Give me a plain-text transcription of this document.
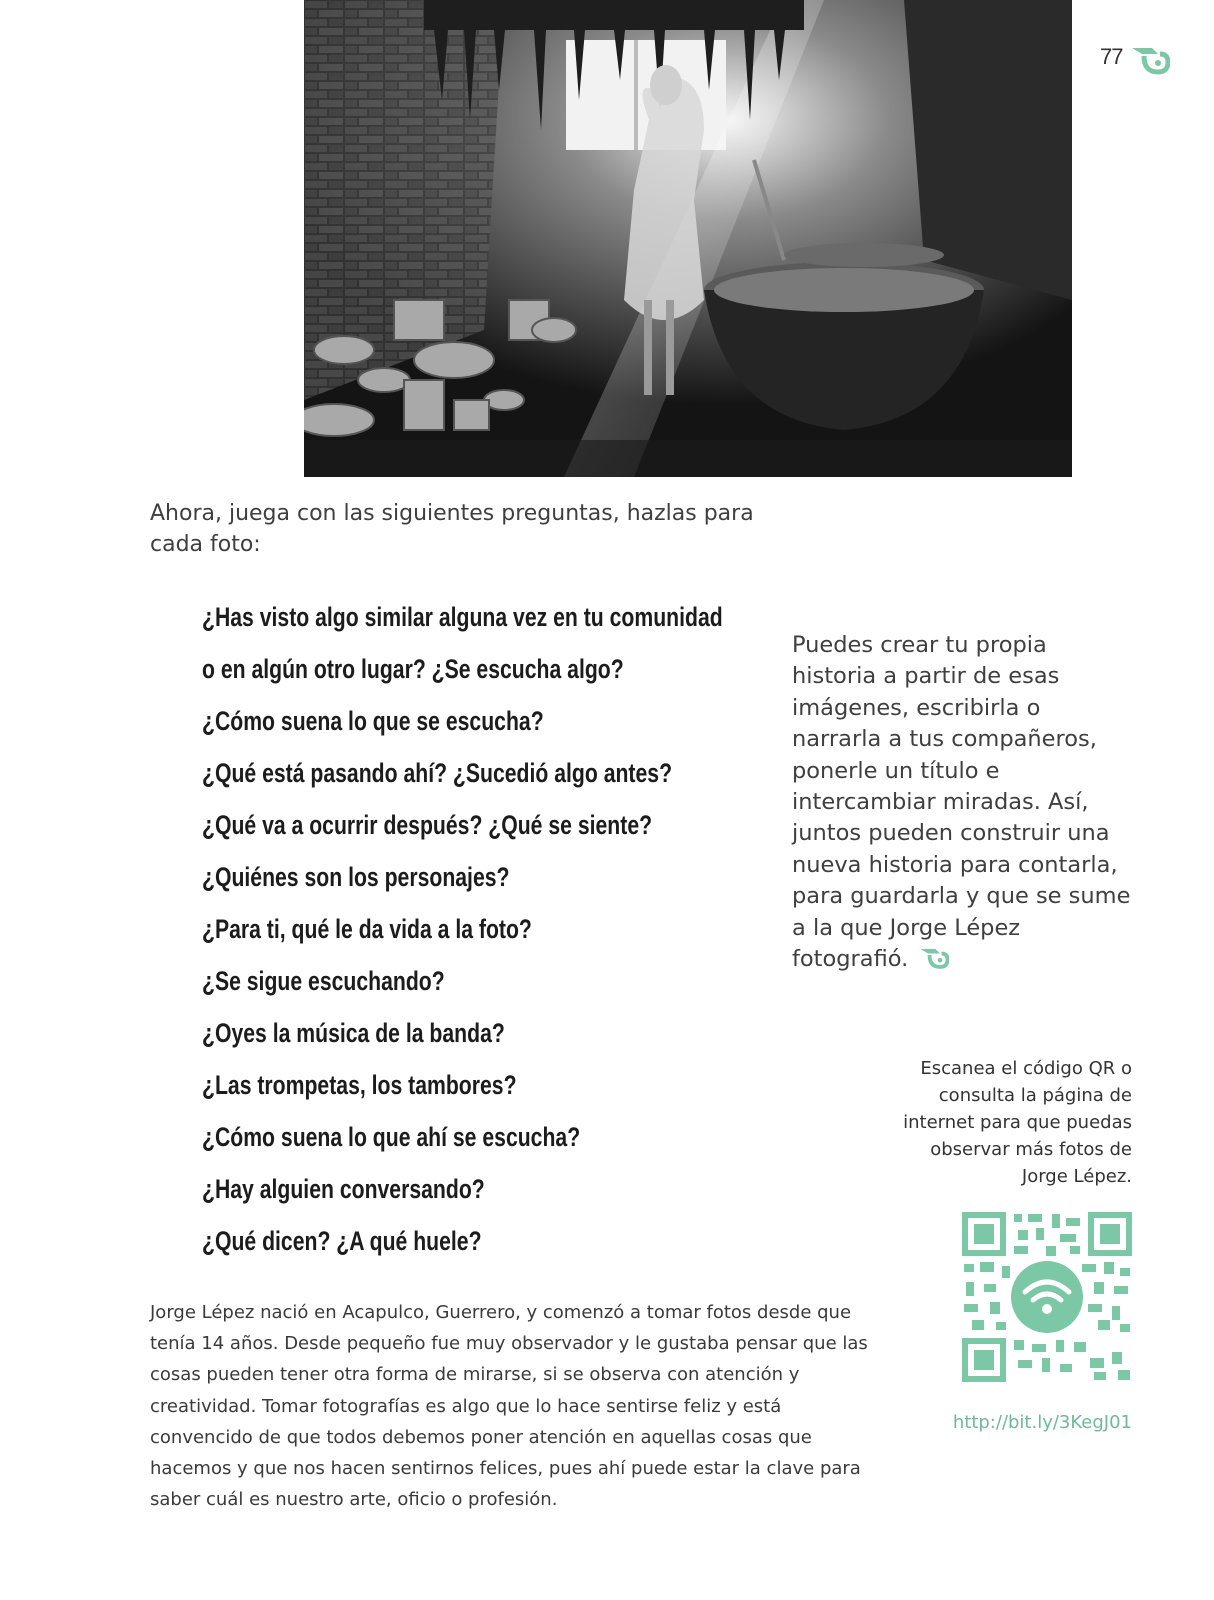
77
Ahora, juega con las siguientes preguntas, hazlas para cada foto:
¿Has visto algo similar alguna vez en tu comunidad
o en algún otro lugar? ¿Se escucha algo?
¿Cómo suena lo que se escucha?
¿Qué está pasando ahí? ¿Sucedió algo antes?
¿Qué va a ocurrir después? ¿Qué se siente?
¿Quiénes son los personajes?
¿Para ti, qué le da vida a la foto?
¿Se sigue escuchando?
¿Oyes la música de la banda?
¿Las trompetas, los tambores?
¿Cómo suena lo que ahí se escucha?
¿Hay alguien conversando?
¿Qué dicen? ¿A qué huele?
Puedes crear tu propia historia a partir de esas imágenes, escribirla o narrarla a tus compañeros, ponerle un título e intercambiar miradas. Así, juntos pueden construir una nueva historia para contarla, para guardarla y que se sume a la que Jorge Lépez fotografió.
Escanea el código QR o consulta la página de internet para que puedas observar más fotos de Jorge Lépez.
http://bit.ly/3KegJ01
Jorge Lépez nació en Acapulco, Guerrero, y comenzó a tomar fotos desde que tenía 14 años. Desde pequeño fue muy observador y le gustaba pensar que las cosas pueden tener otra forma de mirarse, si se observa con atención y creatividad. Tomar fotografías es algo que lo hace sentirse feliz y está convencido de que todos debemos poner atención en aquellas cosas que hacemos y que nos hacen sentirnos felices, pues ahí puede estar la clave para saber cuál es nuestro arte, oficio o profesión.
